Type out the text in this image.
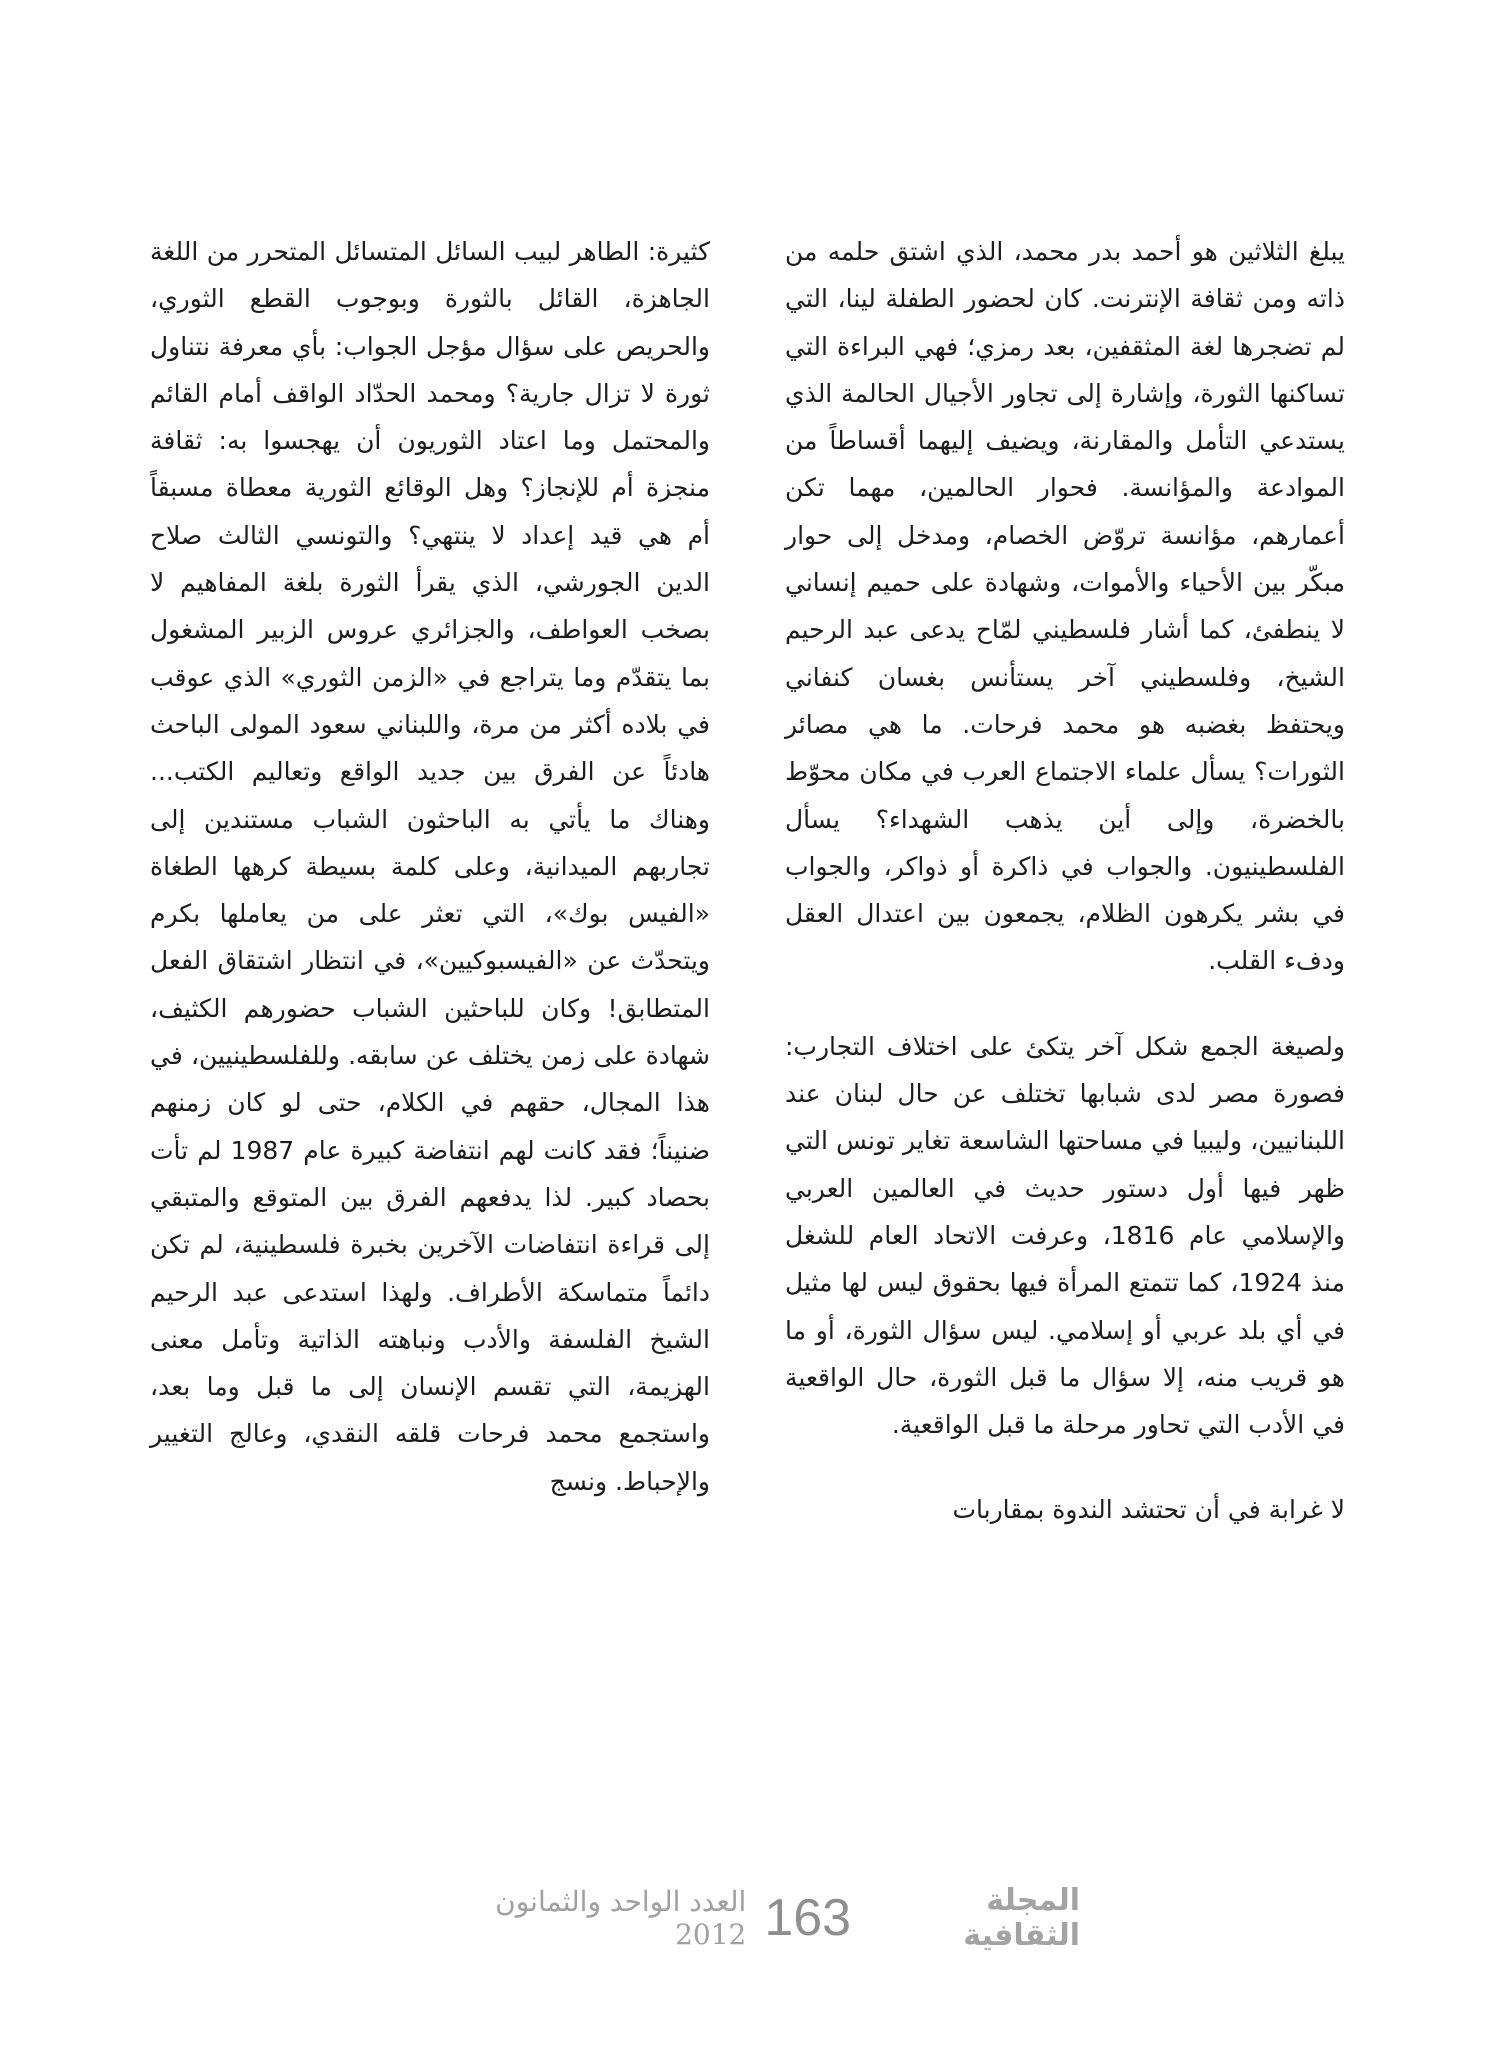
يبلغ الثلاثين هو أحمد بدر محمد، الذي اشتق حلمه من ذاته ومن ثقافة الإنترنت. كان لحضور الطفلة لينا، التي لم تضجرها لغة المثقفين، بعد رمزي؛ فهي البراءة التي تساكنها الثورة، وإشارة إلى تجاور الأجيال الحالمة الذي يستدعي التأمل والمقارنة، ويضيف إليهما أقساطاً من الموادعة والمؤانسة. فحوار الحالمين، مهما تكن أعمارهم، مؤانسة تروّض الخصام، ومدخل إلى حوار مبكّر بين الأحياء والأموات، وشهادة على حميم إنساني لا ينطفئ، كما أشار فلسطيني لمّاح يدعى عبد الرحيم الشيخ، وفلسطيني آخر يستأنس بغسان كنفاني ويحتفظ بغضبه هو محمد فرحات. ما هي مصائر الثورات؟ يسأل علماء الاجتماع العرب في مكان محوّط بالخضرة، وإلى أين يذهب الشهداء؟ يسأل الفلسطينيون. والجواب في ذاكرة أو ذواكر، والجواب في بشر يكرهون الظلام، يجمعون بين اعتدال العقل ودفء القلب.

ولصيغة الجمع شكل آخر يتكئ على اختلاف التجارب: فصورة مصر لدى شبابها تختلف عن حال لبنان عند اللبنانيين، وليبيا في مساحتها الشاسعة تغاير تونس التي ظهر فيها أول دستور حديث في العالمين العربي والإسلامي عام 1816، وعرفت الاتحاد العام للشغل منذ 1924، كما تتمتع المرأة فيها بحقوق ليس لها مثيل في أي بلد عربي أو إسلامي. ليس سؤال الثورة، أو ما هو قريب منه، إلا سؤال ما قبل الثورة، حال الواقعية في الأدب التي تحاور مرحلة ما قبل الواقعية.

لا غرابة في أن تحتشد الندوة بمقاربات

كثيرة: الطاهر لبيب السائل المتسائل المتحرر من اللغة الجاهزة، القائل بالثورة وبوجوب القطع الثوري، والحريص على سؤال مؤجل الجواب: بأي معرفة نتناول ثورة لا تزال جارية؟ ومحمد الحدّاد الواقف أمام القائم والمحتمل وما اعتاد الثوريون أن يهجسوا به: ثقافة منجزة أم للإنجاز؟ وهل الوقائع الثورية معطاة مسبقاً أم هي قيد إعداد لا ينتهي؟ والتونسي الثالث صلاح الدين الجورشي، الذي يقرأ الثورة بلغة المفاهيم لا بصخب العواطف، والجزائري عروس الزبير المشغول بما يتقدّم وما يتراجع في «الزمن الثوري» الذي عوقب في بلاده أكثر من مرة، واللبناني سعود المولى الباحث هادئاً عن الفرق بين جديد الواقع وتعاليم الكتب... وهناك ما يأتي به الباحثون الشباب مستندين إلى تجاربهم الميدانية، وعلى كلمة بسيطة كرهها الطغاة «الفيس بوك»، التي تعثر على من يعاملها بكرم ويتحدّث عن «الفيسبوكيين»، في انتظار اشتقاق الفعل المتطابق! وكان للباحثين الشباب حضورهم الكثيف، شهادة على زمن يختلف عن سابقه. وللفلسطينيين، في هذا المجال، حقهم في الكلام، حتى لو كان زمنهم ضنيناً؛ فقد كانت لهم انتفاضة كبيرة عام 1987 لم تأت بحصاد كبير. لذا يدفعهم الفرق بين المتوقع والمتبقي إلى قراءة انتفاضات الآخرين بخبرة فلسطينية، لم تكن دائماً متماسكة الأطراف. ولهذا استدعى عبد الرحيم الشيخ الفلسفة والأدب ونباهته الذاتية وتأمل معنى الهزيمة، التي تقسم الإنسان إلى ما قبل وما بعد، واستجمع محمد فرحات قلقه النقدي، وعالج التغيير والإحباط. ونسج

المجلة الثقافية
163
العدد الواحد والثمانون 2012
